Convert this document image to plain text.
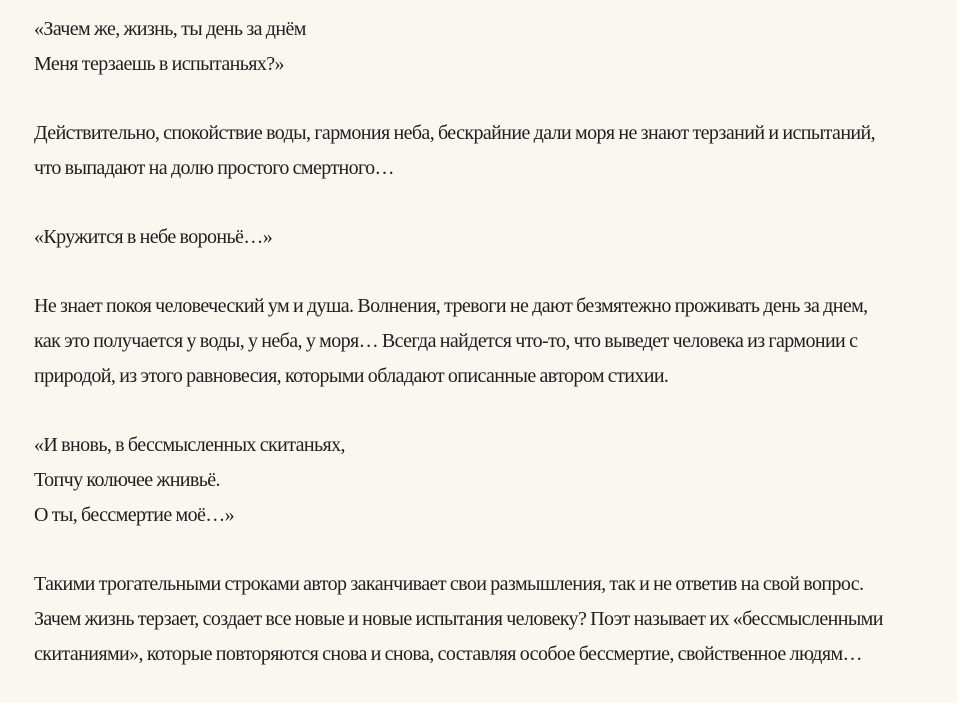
«Зачем же, жизнь, ты день за днём
Меня терзаешь в испытаньях?»
Действительно, спокойствие воды, гармония неба, бескрайние дали моря не знают терзаний и испытаний,
что выпадают на долю простого смертного…
«Кружится в небе вороньё…»
Не знает покоя человеческий ум и душа. Волнения, тревоги не дают безмятежно проживать день за днем,
как это получается у воды, у неба, у моря… Всегда найдется что-то, что выведет человека из гармонии с
природой, из этого равновесия, которыми обладают описанные автором стихии.
«И вновь, в бессмысленных скитаньях,
Топчу колючее жнивьё.
О ты, бессмертие моё…»
Такими трогательными строками автор заканчивает свои размышления, так и не ответив на свой вопрос.
Зачем жизнь терзает, создает все новые и новые испытания человеку? Поэт называет их «бессмысленными
скитаниями», которые повторяются снова и снова, составляя особое бессмертие, свойственное людям…
